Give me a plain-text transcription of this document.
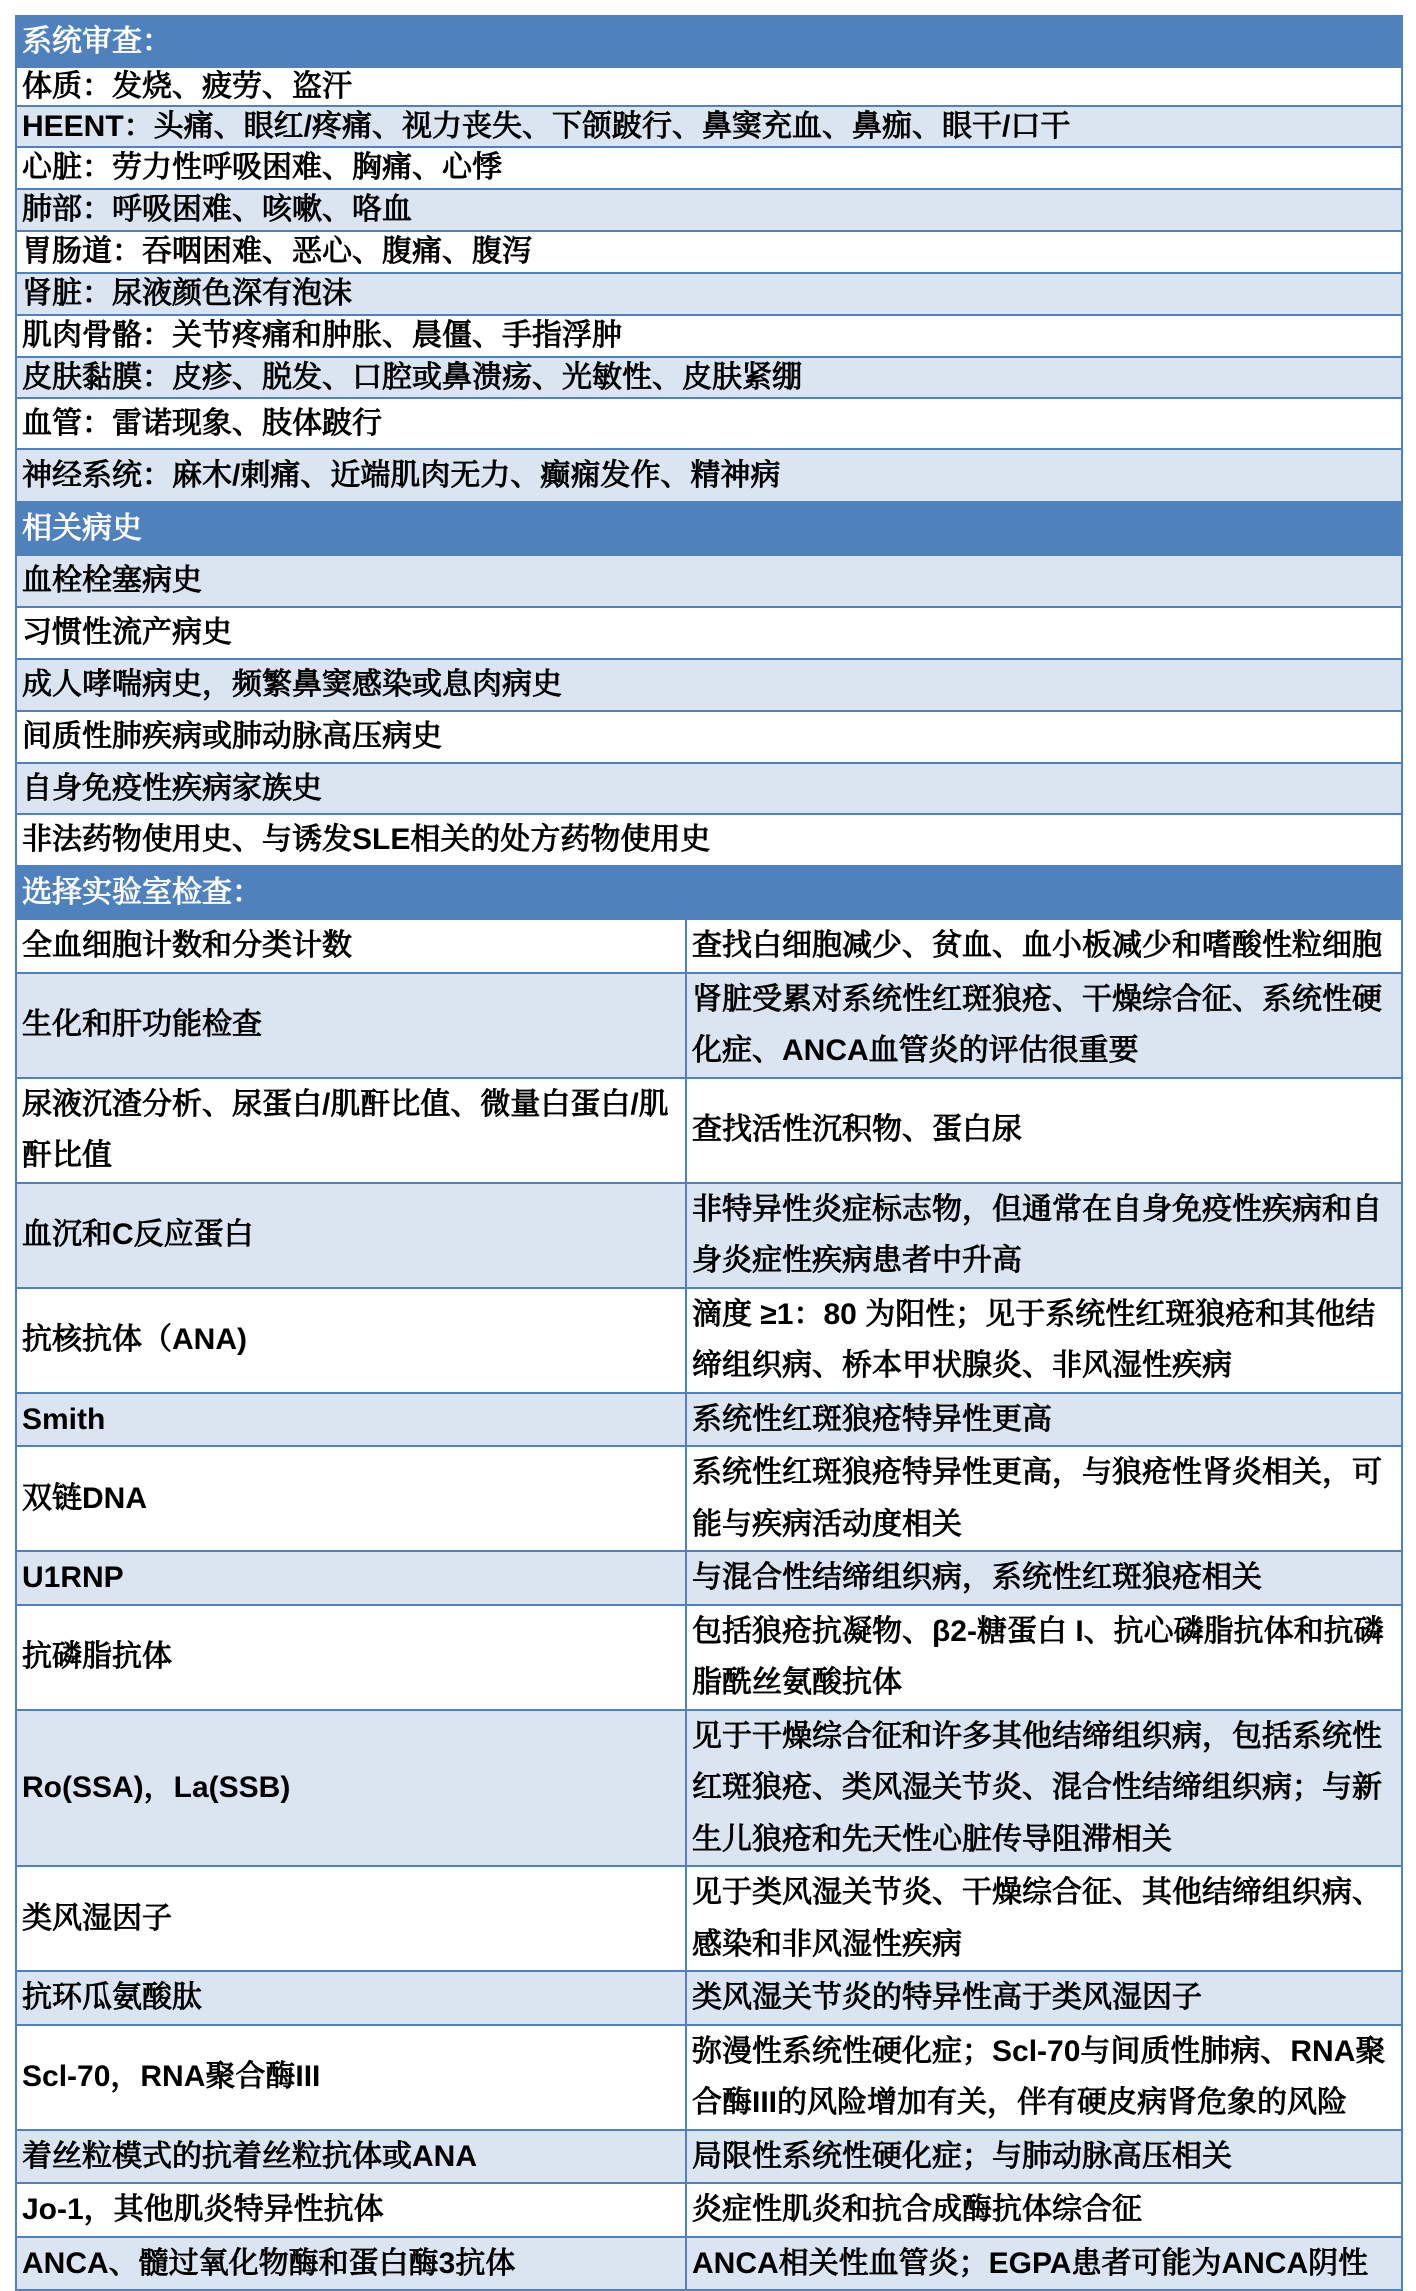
系统审查：	
体质：发烧、疲劳、盗汗	
HEENT：头痛、眼红/疼痛、视力丧失、下颌跛行、鼻窦充血、鼻痂、眼干/口干	
心脏：劳力性呼吸困难、胸痛、心悸	
肺部：呼吸困难、咳嗽、咯血	
胃肠道：吞咽困难、恶心、腹痛、腹泻	
肾脏：尿液颜色深有泡沫	
肌肉骨骼：关节疼痛和肿胀、晨僵、手指浮肿	
皮肤黏膜：皮疹、脱发、口腔或鼻溃疡、光敏性、皮肤紧绷	
血管：雷诺现象、肢体跛行	
神经系统：麻木/刺痛、近端肌肉无力、癫痫发作、精神病	
相关病史	
血栓栓塞病史	
习惯性流产病史	
成人哮喘病史，频繁鼻窦感染或息肉病史	
间质性肺疾病或肺动脉高压病史	
自身免疫性疾病家族史	
非法药物使用史、与诱发SLE相关的处方药物使用史	
选择实验室检查：	
全血细胞计数和分类计数	查找白细胞减少、贫血、血小板减少和嗜酸性粒细胞
生化和肝功能检查	肾脏受累对系统性红斑狼疮、干燥综合征、系统性硬化症、ANCA血管炎的评估很重要
尿液沉渣分析、尿蛋白/肌酐比值、微量白蛋白/肌酐比值	查找活性沉积物、蛋白尿
血沉和C反应蛋白	非特异性炎症标志物，但通常在自身免疫性疾病和自身炎症性疾病患者中升高
抗核抗体（ANA)	滴度 ≥1：80 为阳性；见于系统性红斑狼疮和其他结缔组织病、桥本甲状腺炎、非风湿性疾病
Smith	系统性红斑狼疮特异性更高
双链DNA	系统性红斑狼疮特异性更高，与狼疮性肾炎相关，可能与疾病活动度相关
U1RNP	与混合性结缔组织病，系统性红斑狼疮相关
抗磷脂抗体	包括狼疮抗凝物、β2-糖蛋白 I、抗心磷脂抗体和抗磷脂酰丝氨酸抗体
Ro(SSA)，La(SSB)	见于干燥综合征和许多其他结缔组织病，包括系统性红斑狼疮、类风湿关节炎、混合性结缔组织病；与新生儿狼疮和先天性心脏传导阻滞相关
类风湿因子	见于类风湿关节炎、干燥综合征、其他结缔组织病、感染和非风湿性疾病
抗环瓜氨酸肽	类风湿关节炎的特异性高于类风湿因子
Scl-70，RNA聚合酶III	弥漫性系统性硬化症；Scl-70与间质性肺病、RNA聚合酶III的风险增加有关，伴有硬皮病肾危象的风险
着丝粒模式的抗着丝粒抗体或ANA	局限性系统性硬化症；与肺动脉高压相关
Jo-1，其他肌炎特异性抗体	炎症性肌炎和抗合成酶抗体综合征
ANCA、髓过氧化物酶和蛋白酶3抗体	ANCA相关性血管炎；EGPA患者可能为ANCA阴性
